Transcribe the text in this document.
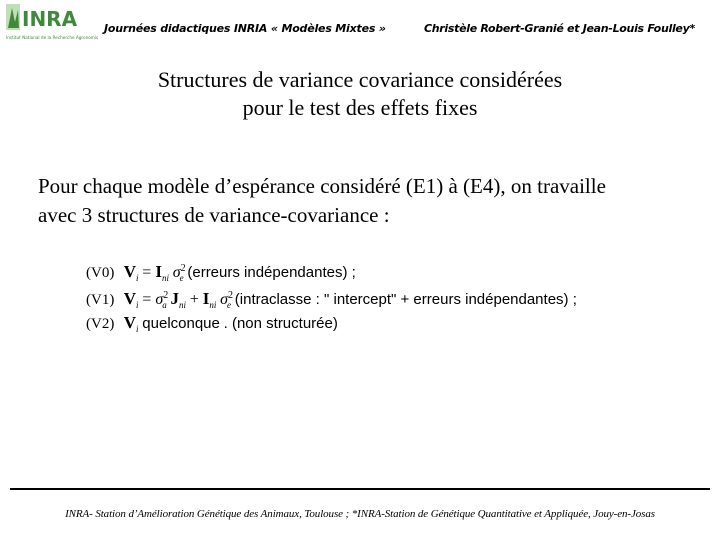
INRA
Institut National de la Recherche Agronomique
Journées didactiques INRIA « Modèles Mixtes »	Christèle Robert-Granié et Jean-Louis Foulley*
Structures de variance covariance considérées
pour le test des effets fixes
Pour chaque modèle d’espérance considéré (E1) à (E4), on travaille
avec 3 structures de variance-covariance :
(V0) $V_i = I_{ni}$ $\sigma^2_e$ (erreurs indépendantes) ;
(V1) $V_i = \sigma^2_a$ $J_{ni} + I_{ni}$ $\sigma^2_e$ (intraclasse : " intercept" + erreurs indépendantes) ;
(V2) $V_i$ quelconque . (non structurée)
INRA- Station d’Amélioration Génétique des Animaux, Toulouse ; *INRA-Station de Génétique Quantitative et Appliquée, Jouy-en-Josas
